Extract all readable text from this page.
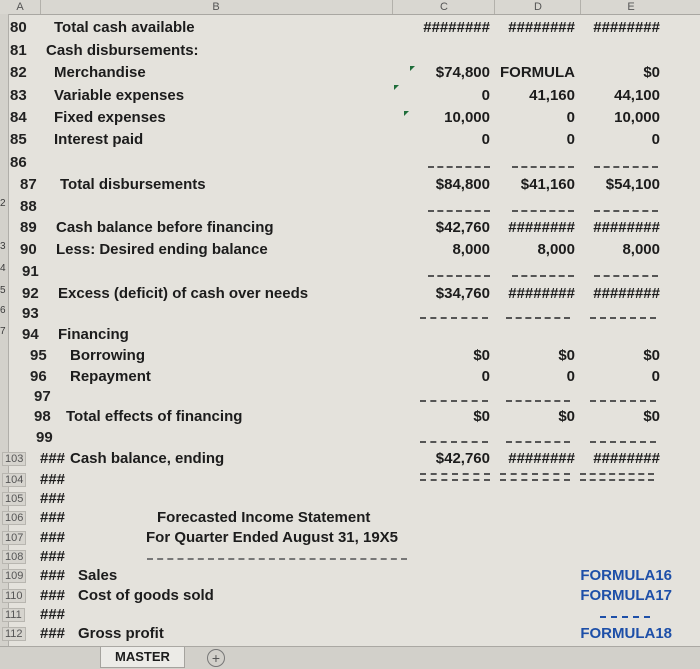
A	B	C	D	E
80 Total cash available	######## ######## ########
81 Cash disbursements:
82 Merchandise	$74,800 FORMULA	$0
83 Variable expenses	0	41,160	44,100
84 Fixed expenses	10,000	0	10,000
85 Interest paid	0	0	0
86
87 Total disbursements	$84,800 $41,160 $54,100
88
89 Cash balance before financing	$42,760 ######## ########
90 Less: Desired ending balance	8,000	8,000	8,000
91
92 Excess (deficit) of cash over needs	$34,760 ######## ########
93
94 Financing
95 Borrowing	$0	$0	$0
96 Repayment	0	0	0
97
98 Total effects of financing	$0	$0	$0
99
103 ### Cash balance, ending	$42,760 ######## ########
104 ###
105 ###
106 ###	Forecasted Income Statement
107 ###	For Quarter Ended August 31, 19X5
108 ###
109 ### Sales	FORMULA16
110 ### Cost of goods sold	FORMULA17
111 ###
112 ### Gross profit	FORMULA18
2
3
4
5
6
7
MASTER	+
